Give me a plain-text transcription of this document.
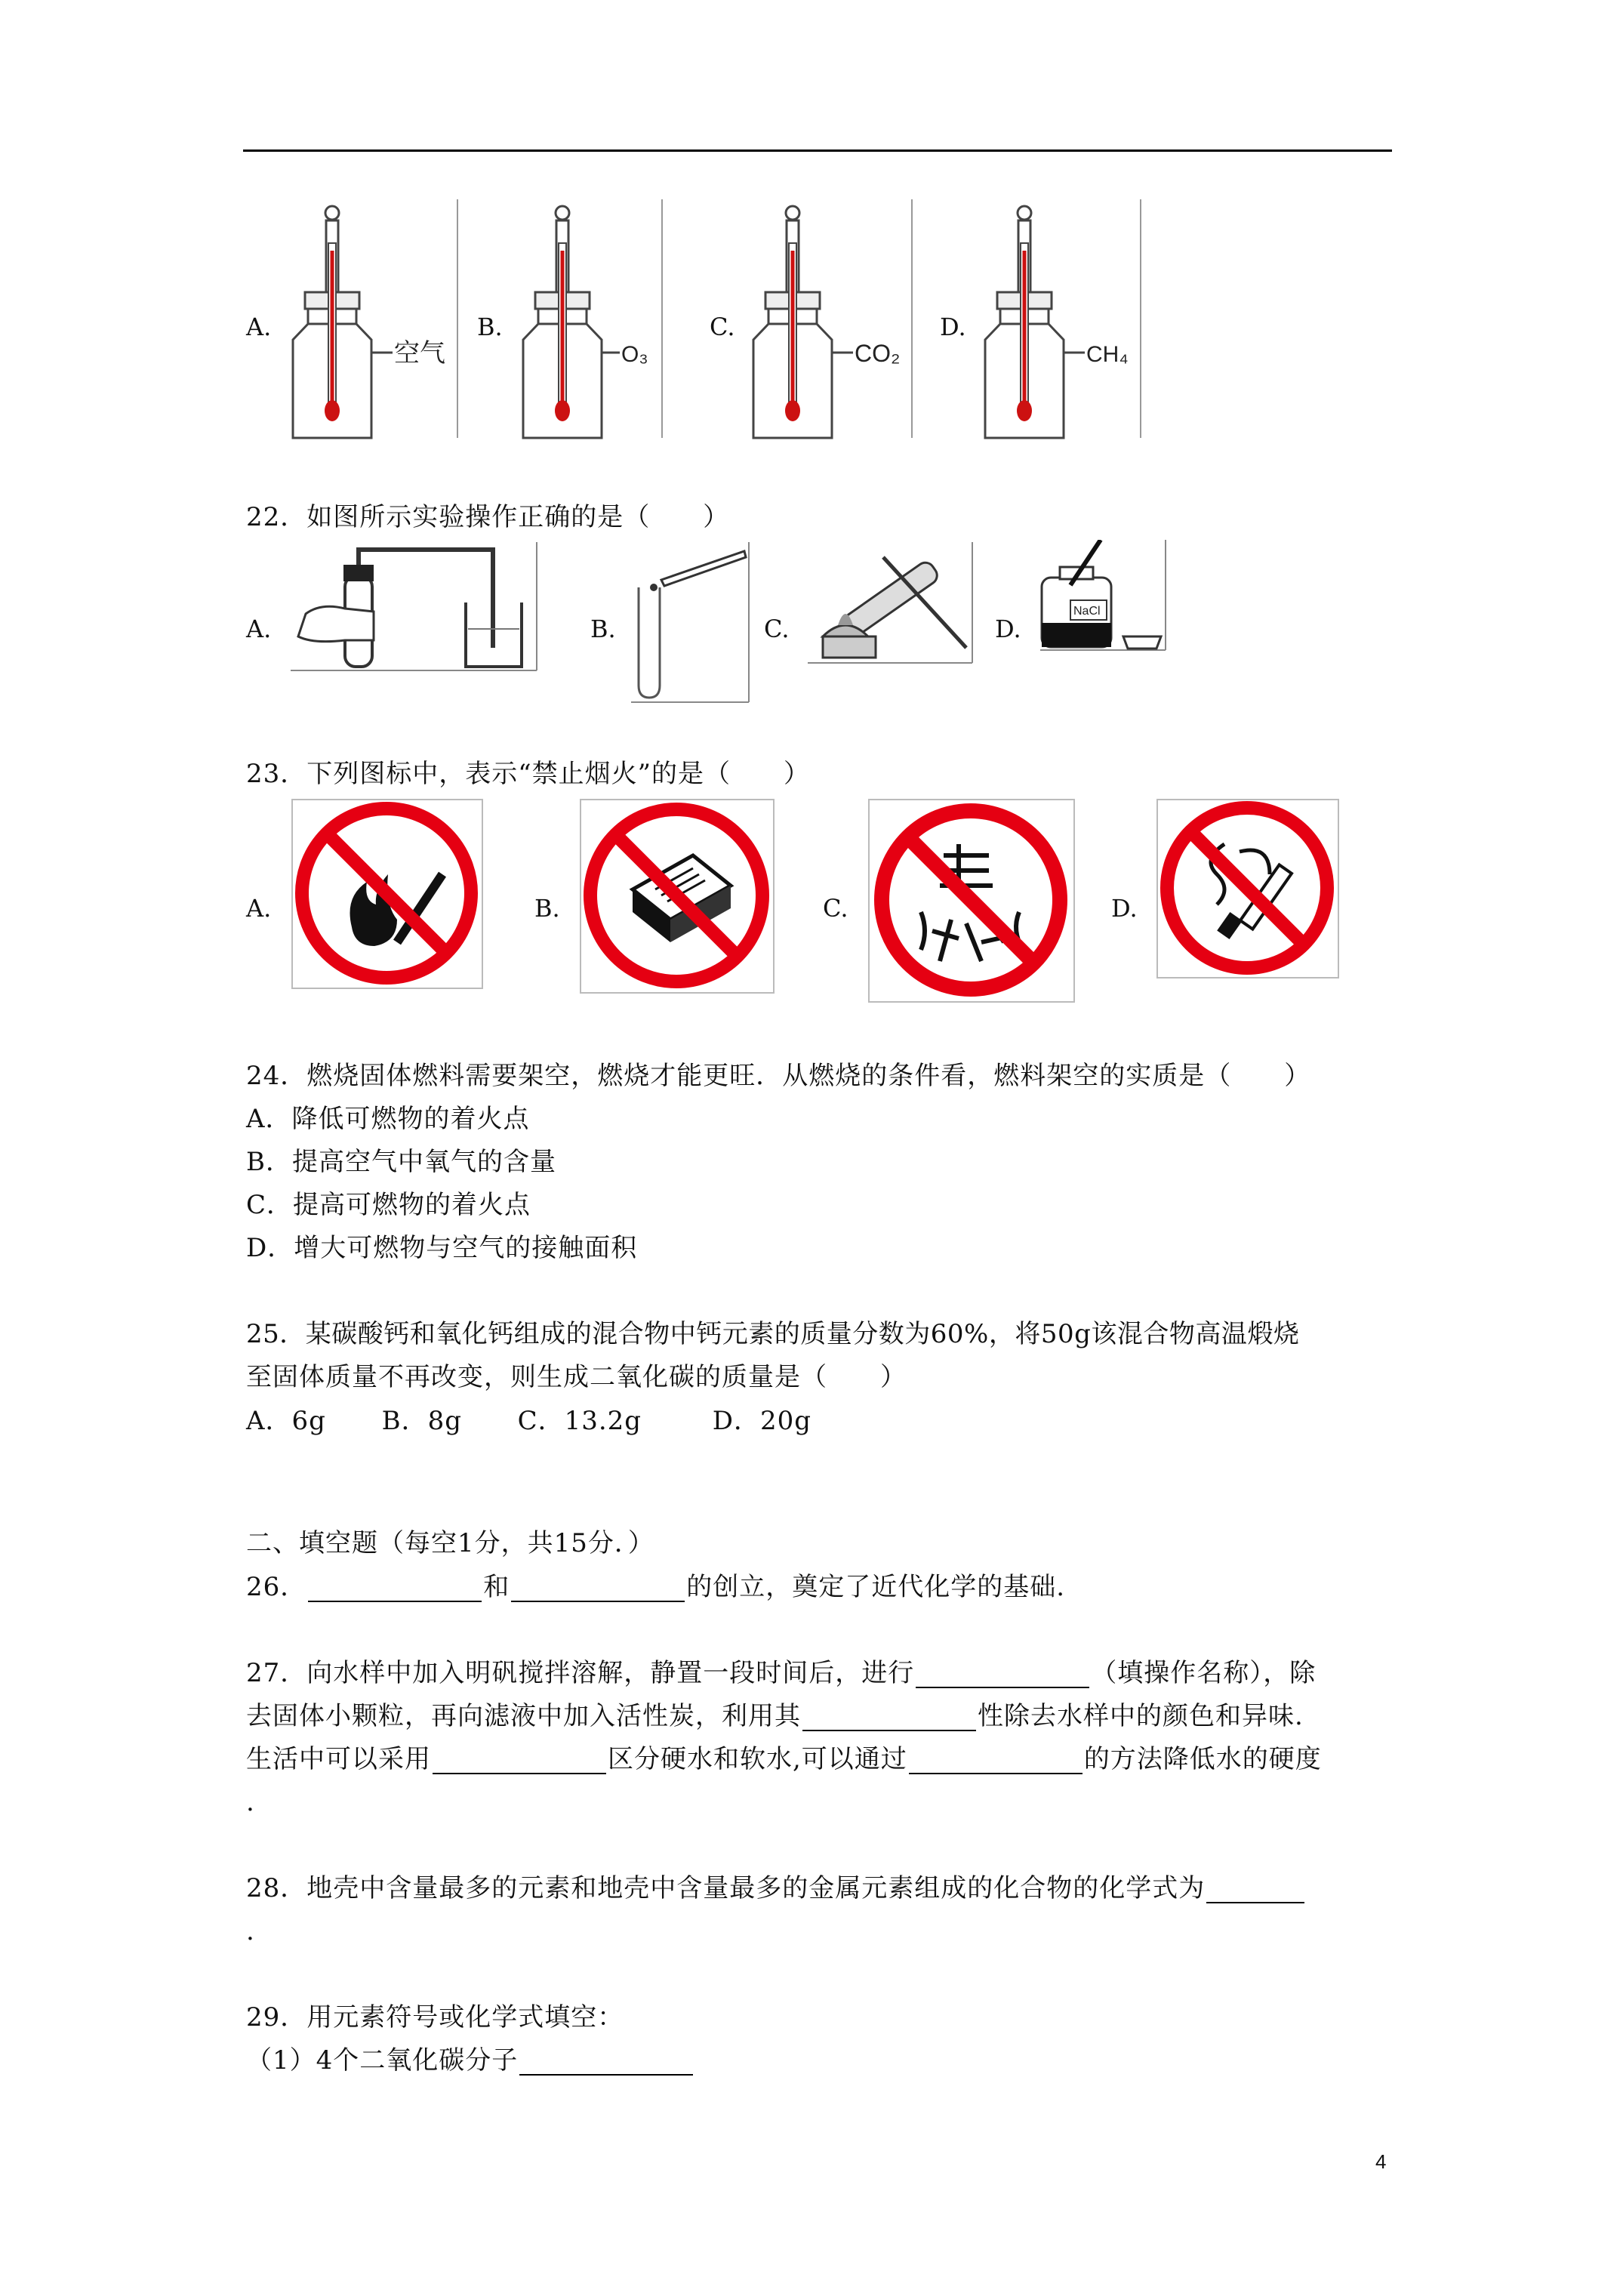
A.	B.	C.	D.
空气	O₃	CO₂	CH₄
22．如图所示实验操作正确的是（　　）
A.	B.	C.	D.
NaCl
23．下列图标中，表示“禁止烟火”的是（　　）
A.	B.	C.	D.
24．燃烧固体燃料需要架空，燃烧才能更旺．从燃烧的条件看，燃料架空的实质是（　　）
A．降低可燃物的着火点
B．提高空气中氧气的含量
C．提高可燃物的着火点
D．增大可燃物与空气的接触面积
25．某碳酸钙和氧化钙组成的混合物中钙元素的质量分数为60%，将50g该混合物高温煅烧
至固体质量不再改变，则生成二氧化碳的质量是（　　）
A．6g B．8g C．13.2g	D．20g
二、填空题（每空1分，共15分．）
26．	和	的创立，奠定了近代化学的基础.
27．向水样中加入明矾搅拌溶解，静置一段时间后，进行	（填操作名称），除
去固体小颗粒，再向滤液中加入活性炭，利用其	性除去水样中的颜色和异味.
生活中可以采用	区分硬水和软水,可以通过	的方法降低水的硬度
.
28．地壳中含量最多的元素和地壳中含量最多的金属元素组成的化合物的化学式为
.
29．用元素符号或化学式填空：
（1）4个二氧化碳分子
4
